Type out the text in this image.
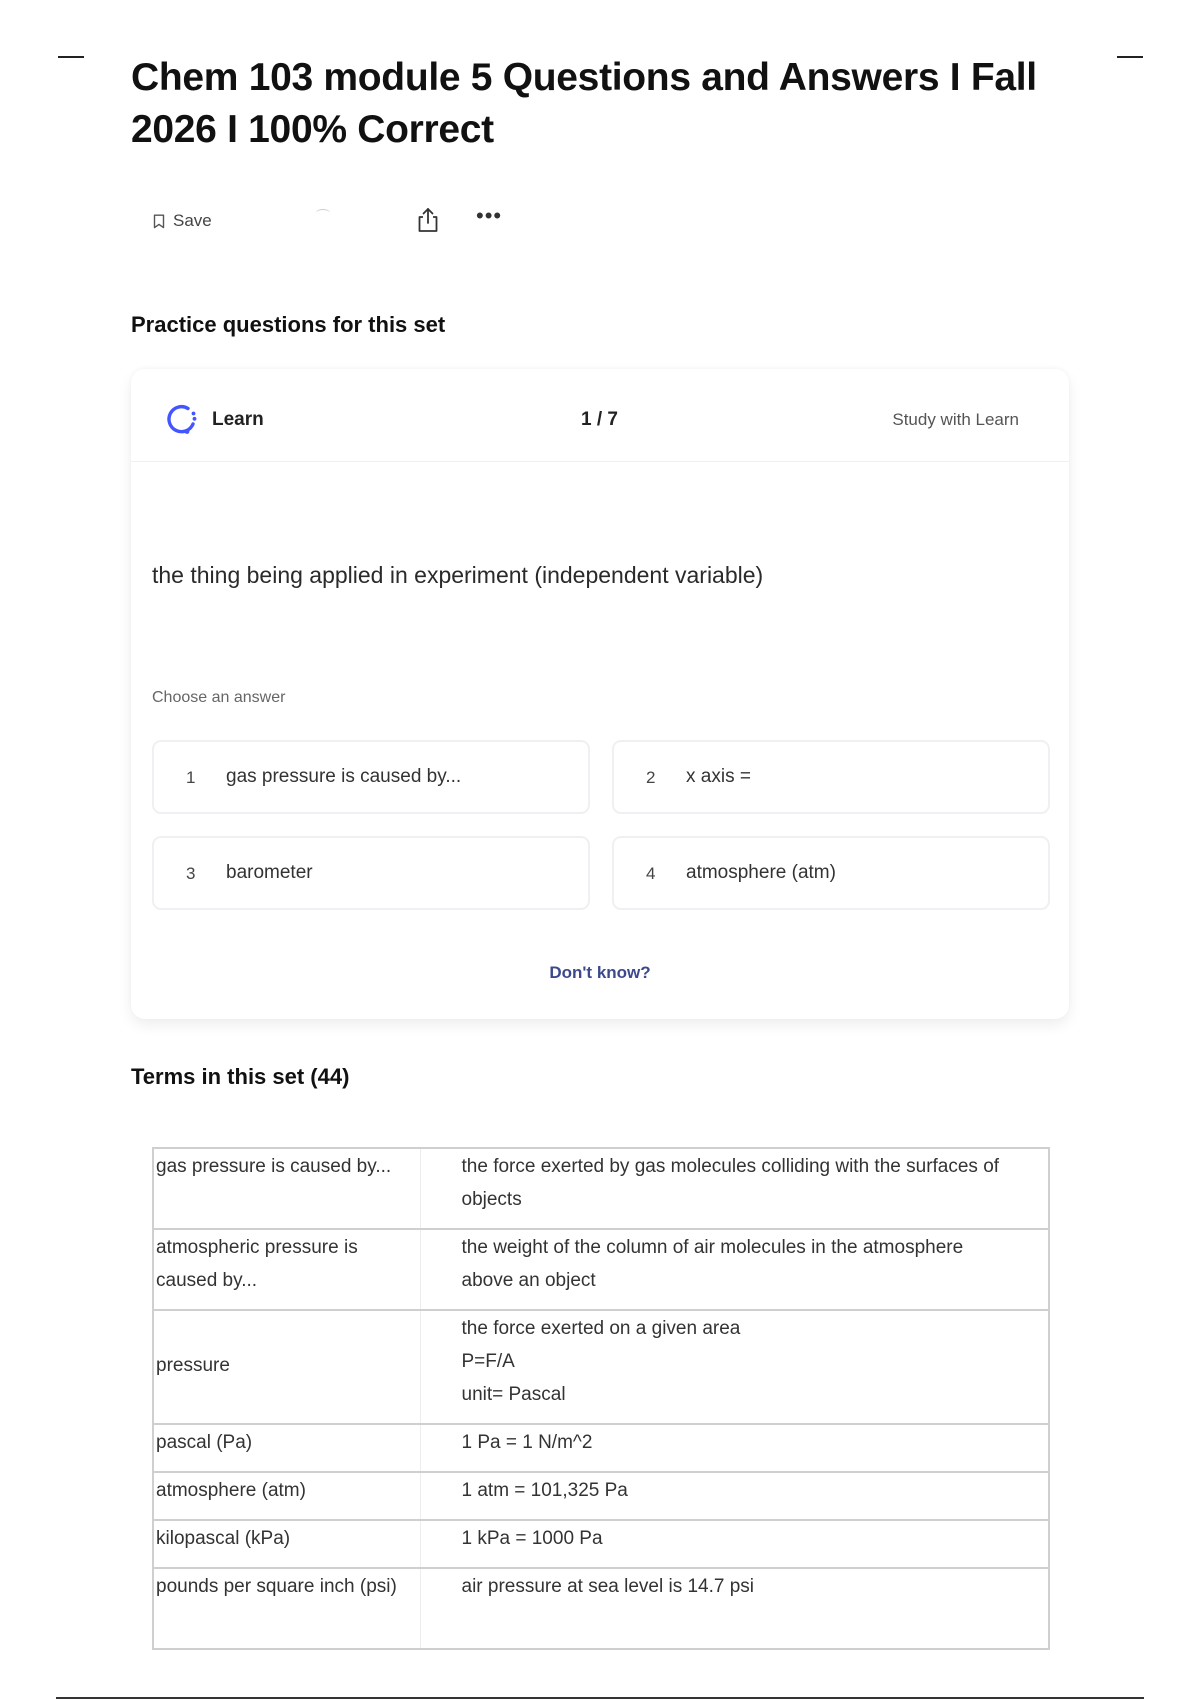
Chem 103 module 5 Questions and Answers I Fall 2026 I 100% Correct
Save	•••
Practice questions for this set
Learn	1 / 7	Study with Learn

the thing being applied in experiment (independent variable)

Choose an answer

1 gas pressure is caused by...	2 x axis =
3 barometer	4 atmosphere (atm)
Don't know?
Terms in this set (44)
gas pressure is caused by...	the force exerted by gas molecules colliding with the surfaces of objects

atmospheric pressure is caused by...	the weight of the column of air molecules in the atmosphere above an object

pressure	the force exerted on a given area
P=F/A
unit= Pascal

pascal (Pa)	1 Pa = 1 N/m^2

atmosphere (atm)	1 atm = 101,325 Pa

kilopascal (kPa)	1 kPa = 1000 Pa

pounds per square inch (psi)	air pressure at sea level is 14.7 psi
